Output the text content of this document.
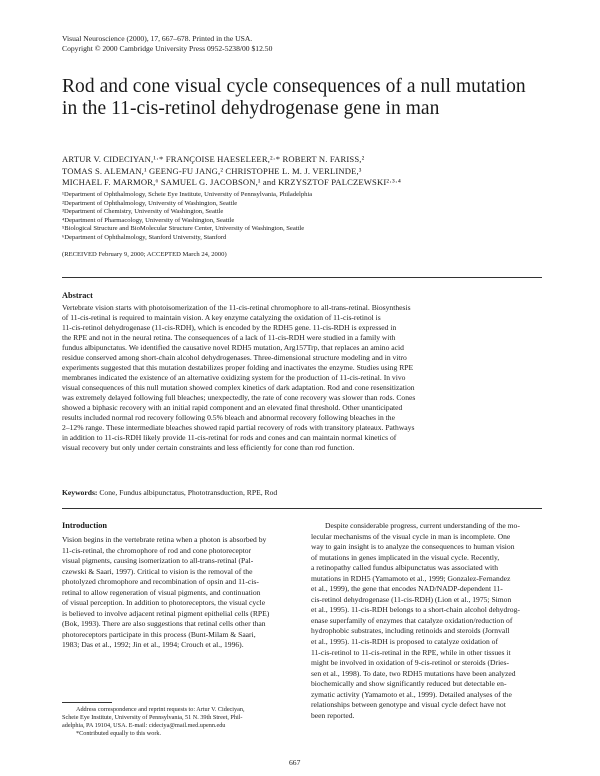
Visual Neuroscience (2000), 17, 667–678. Printed in the USA.
Copyright © 2000 Cambridge University Press 0952-5238/00 $12.50
Rod and cone visual cycle consequences of a null mutation
in the 11-cis-retinol dehydrogenase gene in man
ARTUR V. CIDECIYAN,¹·* FRANÇOISE HAESELEER,²·* ROBERT N. FARISS,²
TOMAS S. ALEMAN,¹ GEENG-FU JANG,² CHRISTOPHE L. M. J. VERLINDE,³
MICHAEL F. MARMOR,⁶ SAMUEL G. JACOBSON,¹ and KRZYSZTOF PALCZEWSKI²·³·⁴
¹Department of Ophthalmology, Scheie Eye Institute, University of Pennsylvania, Philadelphia
²Department of Ophthalmology, University of Washington, Seattle
³Department of Chemistry, University of Washington, Seattle
⁴Department of Pharmacology, University of Washington, Seattle
⁵Biological Structure and BioMolecular Structure Center, University of Washington, Seattle
⁶Department of Ophthalmology, Stanford University, Stanford
(RECEIVED February 9, 2000; ACCEPTED March 24, 2000)
Abstract
Vertebrate vision starts with photoisomerization of the 11-cis-retinal chromophore to all-trans-retinal. Biosynthesis
of 11-cis-retinal is required to maintain vision. A key enzyme catalyzing the oxidation of 11-cis-retinol is
11-cis-retinol dehydrogenase (11-cis-RDH), which is encoded by the RDH5 gene. 11-cis-RDH is expressed in
the RPE and not in the neural retina. The consequences of a lack of 11-cis-RDH were studied in a family with
fundus albipunctatus. We identified the causative novel RDH5 mutation, Arg157Trp, that replaces an amino acid
residue conserved among short-chain alcohol dehydrogenases. Three-dimensional structure modeling and in vitro
experiments suggested that this mutation destabilizes proper folding and inactivates the enzyme. Studies using RPE
membranes indicated the existence of an alternative oxidizing system for the production of 11-cis-retinal. In vivo
visual consequences of this null mutation showed complex kinetics of dark adaptation. Rod and cone resensitization
was extremely delayed following full bleaches; unexpectedly, the rate of cone recovery was slower than rods. Cones
showed a biphasic recovery with an initial rapid component and an elevated final threshold. Other unanticipated
results included normal rod recovery following 0.5% bleach and abnormal recovery following bleaches in the
2–12% range. These intermediate bleaches showed rapid partial recovery of rods with transitory plateaux. Pathways
in addition to 11-cis-RDH likely provide 11-cis-retinal for rods and cones and can maintain normal kinetics of
visual recovery but only under certain constraints and less efficiently for cone than rod function.
Keywords: Cone, Fundus albipunctatus, Phototransduction, RPE, Rod
Introduction
Vision begins in the vertebrate retina when a photon is absorbed by
11-cis-retinal, the chromophore of rod and cone photoreceptor
visual pigments, causing isomerization to all-trans-retinal (Pal-
czewski & Saari, 1997). Critical to vision is the removal of the
photolyzed chromophore and recombination of opsin and 11-cis-
retinal to allow regeneration of visual pigments, and continuation
of visual perception. In addition to photoreceptors, the visual cycle
is believed to involve adjacent retinal pigment epithelial cells (RPE)
(Bok, 1993). There are also suggestions that retinal cells other than
photoreceptors participate in this process (Bunt-Milam & Saari,
1983; Das et al., 1992; Jin et al., 1994; Crouch et al., 1996).
Despite considerable progress, current understanding of the mo-
lecular mechanisms of the visual cycle in man is incomplete. One
way to gain insight is to analyze the consequences to human vision
of mutations in genes implicated in the visual cycle. Recently,
a retinopathy called fundus albipunctatus was associated with
mutations in RDH5 (Yamamoto et al., 1999; Gonzalez-Fernandez
et al., 1999), the gene that encodes NAD/NADP-dependent 11-
cis-retinol dehydrogenase (11-cis-RDH) (Lion et al., 1975; Simon
et al., 1995). 11-cis-RDH belongs to a short-chain alcohol dehydrog-
enase superfamily of enzymes that catalyze oxidation/reduction of
hydrophobic substrates, including retinoids and steroids (Jornvall
et al., 1995). 11-cis-RDH is proposed to catalyze oxidation of
11-cis-retinol to 11-cis-retinal in the RPE, while in other tissues it
might be involved in oxidation of 9-cis-retinol or steroids (Dries-
sen et al., 1998). To date, two RDH5 mutations have been analyzed
biochemically and show significantly reduced but detectable en-
zymatic activity (Yamamoto et al., 1999). Detailed analyses of the
relationships between genotype and visual cycle defect have not
been reported.
Address correspondence and reprint requests to: Artur V. Cideciyan,
Scheie Eye Institute, University of Pennsylvania, 51 N. 39th Street, Phil-
adelphia, PA 19104, USA. E-mail: cideciya@mail.med.upenn.edu
*Contributed equally to this work.
667
